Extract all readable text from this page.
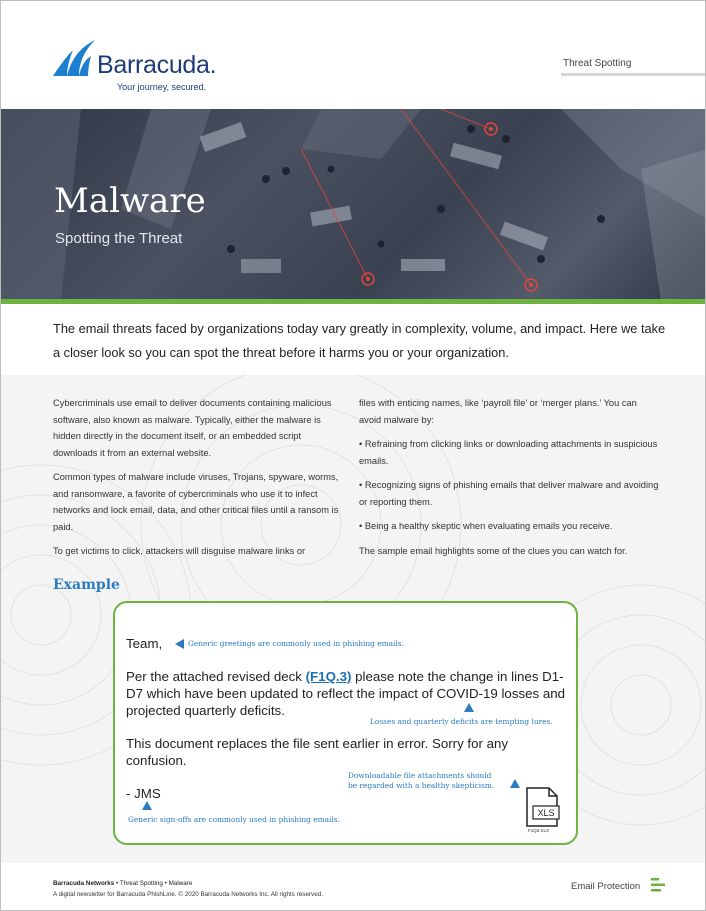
Barracuda.
Your journey, secured.
Threat Spotting
Malware
Spotting the Threat
The email threats faced by organizations today vary greatly in complexity, volume, and impact. Here we take a closer look so you can spot the threat before it harms you or your organization.

Cybercriminals use email to deliver documents containing malicious software, also known as malware. Typically, either the malware is hidden directly in the document itself, or an embedded script downloads it from an external website.

Common types of malware include viruses, Trojans, spyware, worms, and ransomware, a favorite of cybercriminals who use it to infect networks and lock email, data, and other critical files until a ransom is paid.

To get victims to click, attackers will disguise malware links or

files with enticing names, like ‘payroll file’ or ‘merger plans.’ You can avoid malware by:

• Refraining from clicking links or downloading attachments in suspicious emails.

• Recognizing signs of phishing emails that deliver malware and avoiding or reporting them.

• Being a healthy skeptic when evaluating emails you receive.

The sample email highlights some of the clues you can watch for.

Example
Team,	Generic greetings are commonly used in phishing emails.
Per the attached revised deck (F1Q.3) please note the change in lines D1-D7 which have been updated to reflect the impact of COVID-19 losses and projected quarterly deficits.
Losses and quarterly deficits are tempting lures.
This document replaces the file sent earlier in error. Sorry for any confusion.
Downloadable file attachments should
be regarded with a healthy skepticism.
- JMS
Generic sign-offs are commonly used in phishing emails.
XLS
F1Q3.XLS
Barracuda Networks • Threat Spotting • Malware
A digital newsletter for Barracuda PhishLine. © 2020 Barracuda Networks Inc. All rights reserved.
Email Protection
